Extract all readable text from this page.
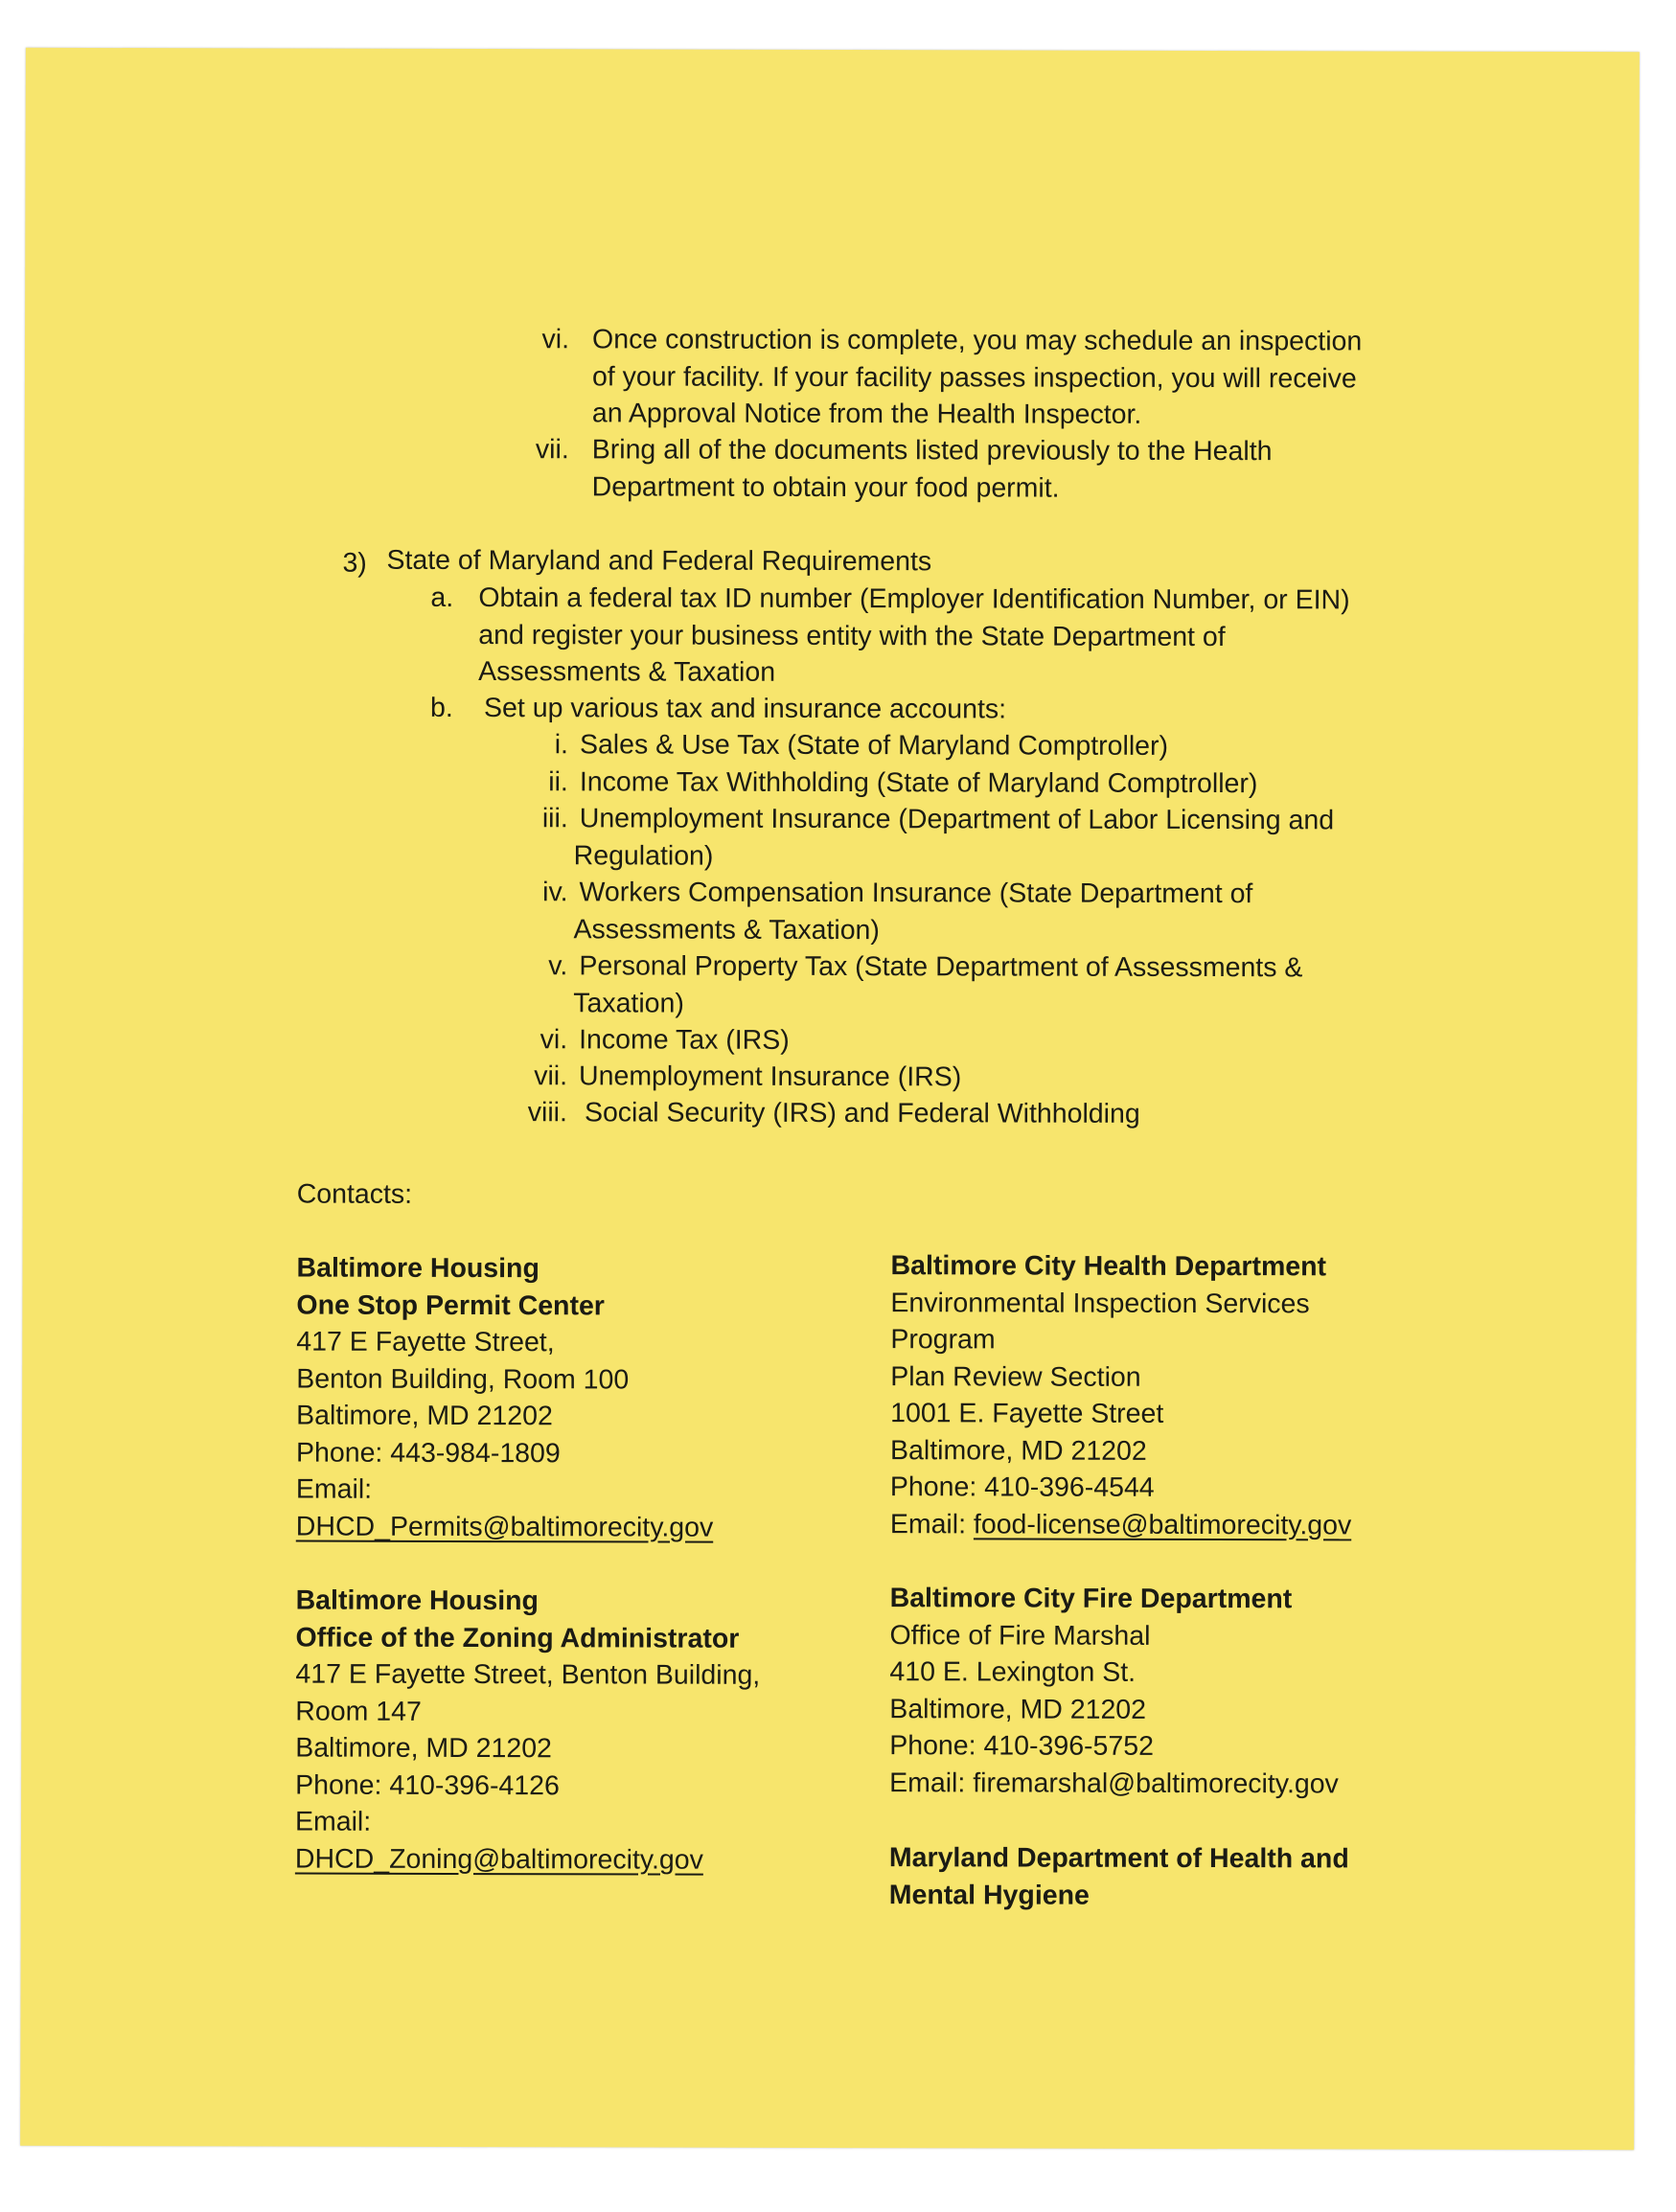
vi. Once construction is complete, you may schedule an inspection
of your facility. If your facility passes inspection, you will receive
an Approval Notice from the Health Inspector.
vii. Bring all of the documents listed previously to the Health
Department to obtain your food permit.
3) State of Maryland and Federal Requirements
a. Obtain a federal tax ID number (Employer Identification Number, or EIN)
and register your business entity with the State Department of
Assessments & Taxation
b. Set up various tax and insurance accounts:
i. Sales & Use Tax (State of Maryland Comptroller)
ii. Income Tax Withholding (State of Maryland Comptroller)
iii. Unemployment Insurance (Department of Labor Licensing and
Regulation)
iv. Workers Compensation Insurance (State Department of
Assessments & Taxation)
v. Personal Property Tax (State Department of Assessments &
Taxation)
vi. Income Tax (IRS)
vii. Unemployment Insurance (IRS)
viii. Social Security (IRS) and Federal Withholding
Contacts:
Baltimore Housing
One Stop Permit Center
417 E Fayette Street,
Benton Building, Room 100
Baltimore, MD 21202
Phone: 443-984-1809
Email:
DHCD_Permits@baltimorecity.gov
Baltimore Housing
Office of the Zoning Administrator
417 E Fayette Street, Benton Building,
Room 147
Baltimore, MD 21202
Phone: 410-396-4126
Email:
DHCD_Zoning@baltimorecity.gov
Baltimore City Health Department
Environmental Inspection Services
Program
Plan Review Section
1001 E. Fayette Street
Baltimore, MD 21202
Phone: 410-396-4544
Email: food-license@baltimorecity.gov
Baltimore City Fire Department
Office of Fire Marshal
410 E. Lexington St.
Baltimore, MD 21202
Phone: 410-396-5752
Email: firemarshal@baltimorecity.gov
Maryland Department of Health and
Mental Hygiene
